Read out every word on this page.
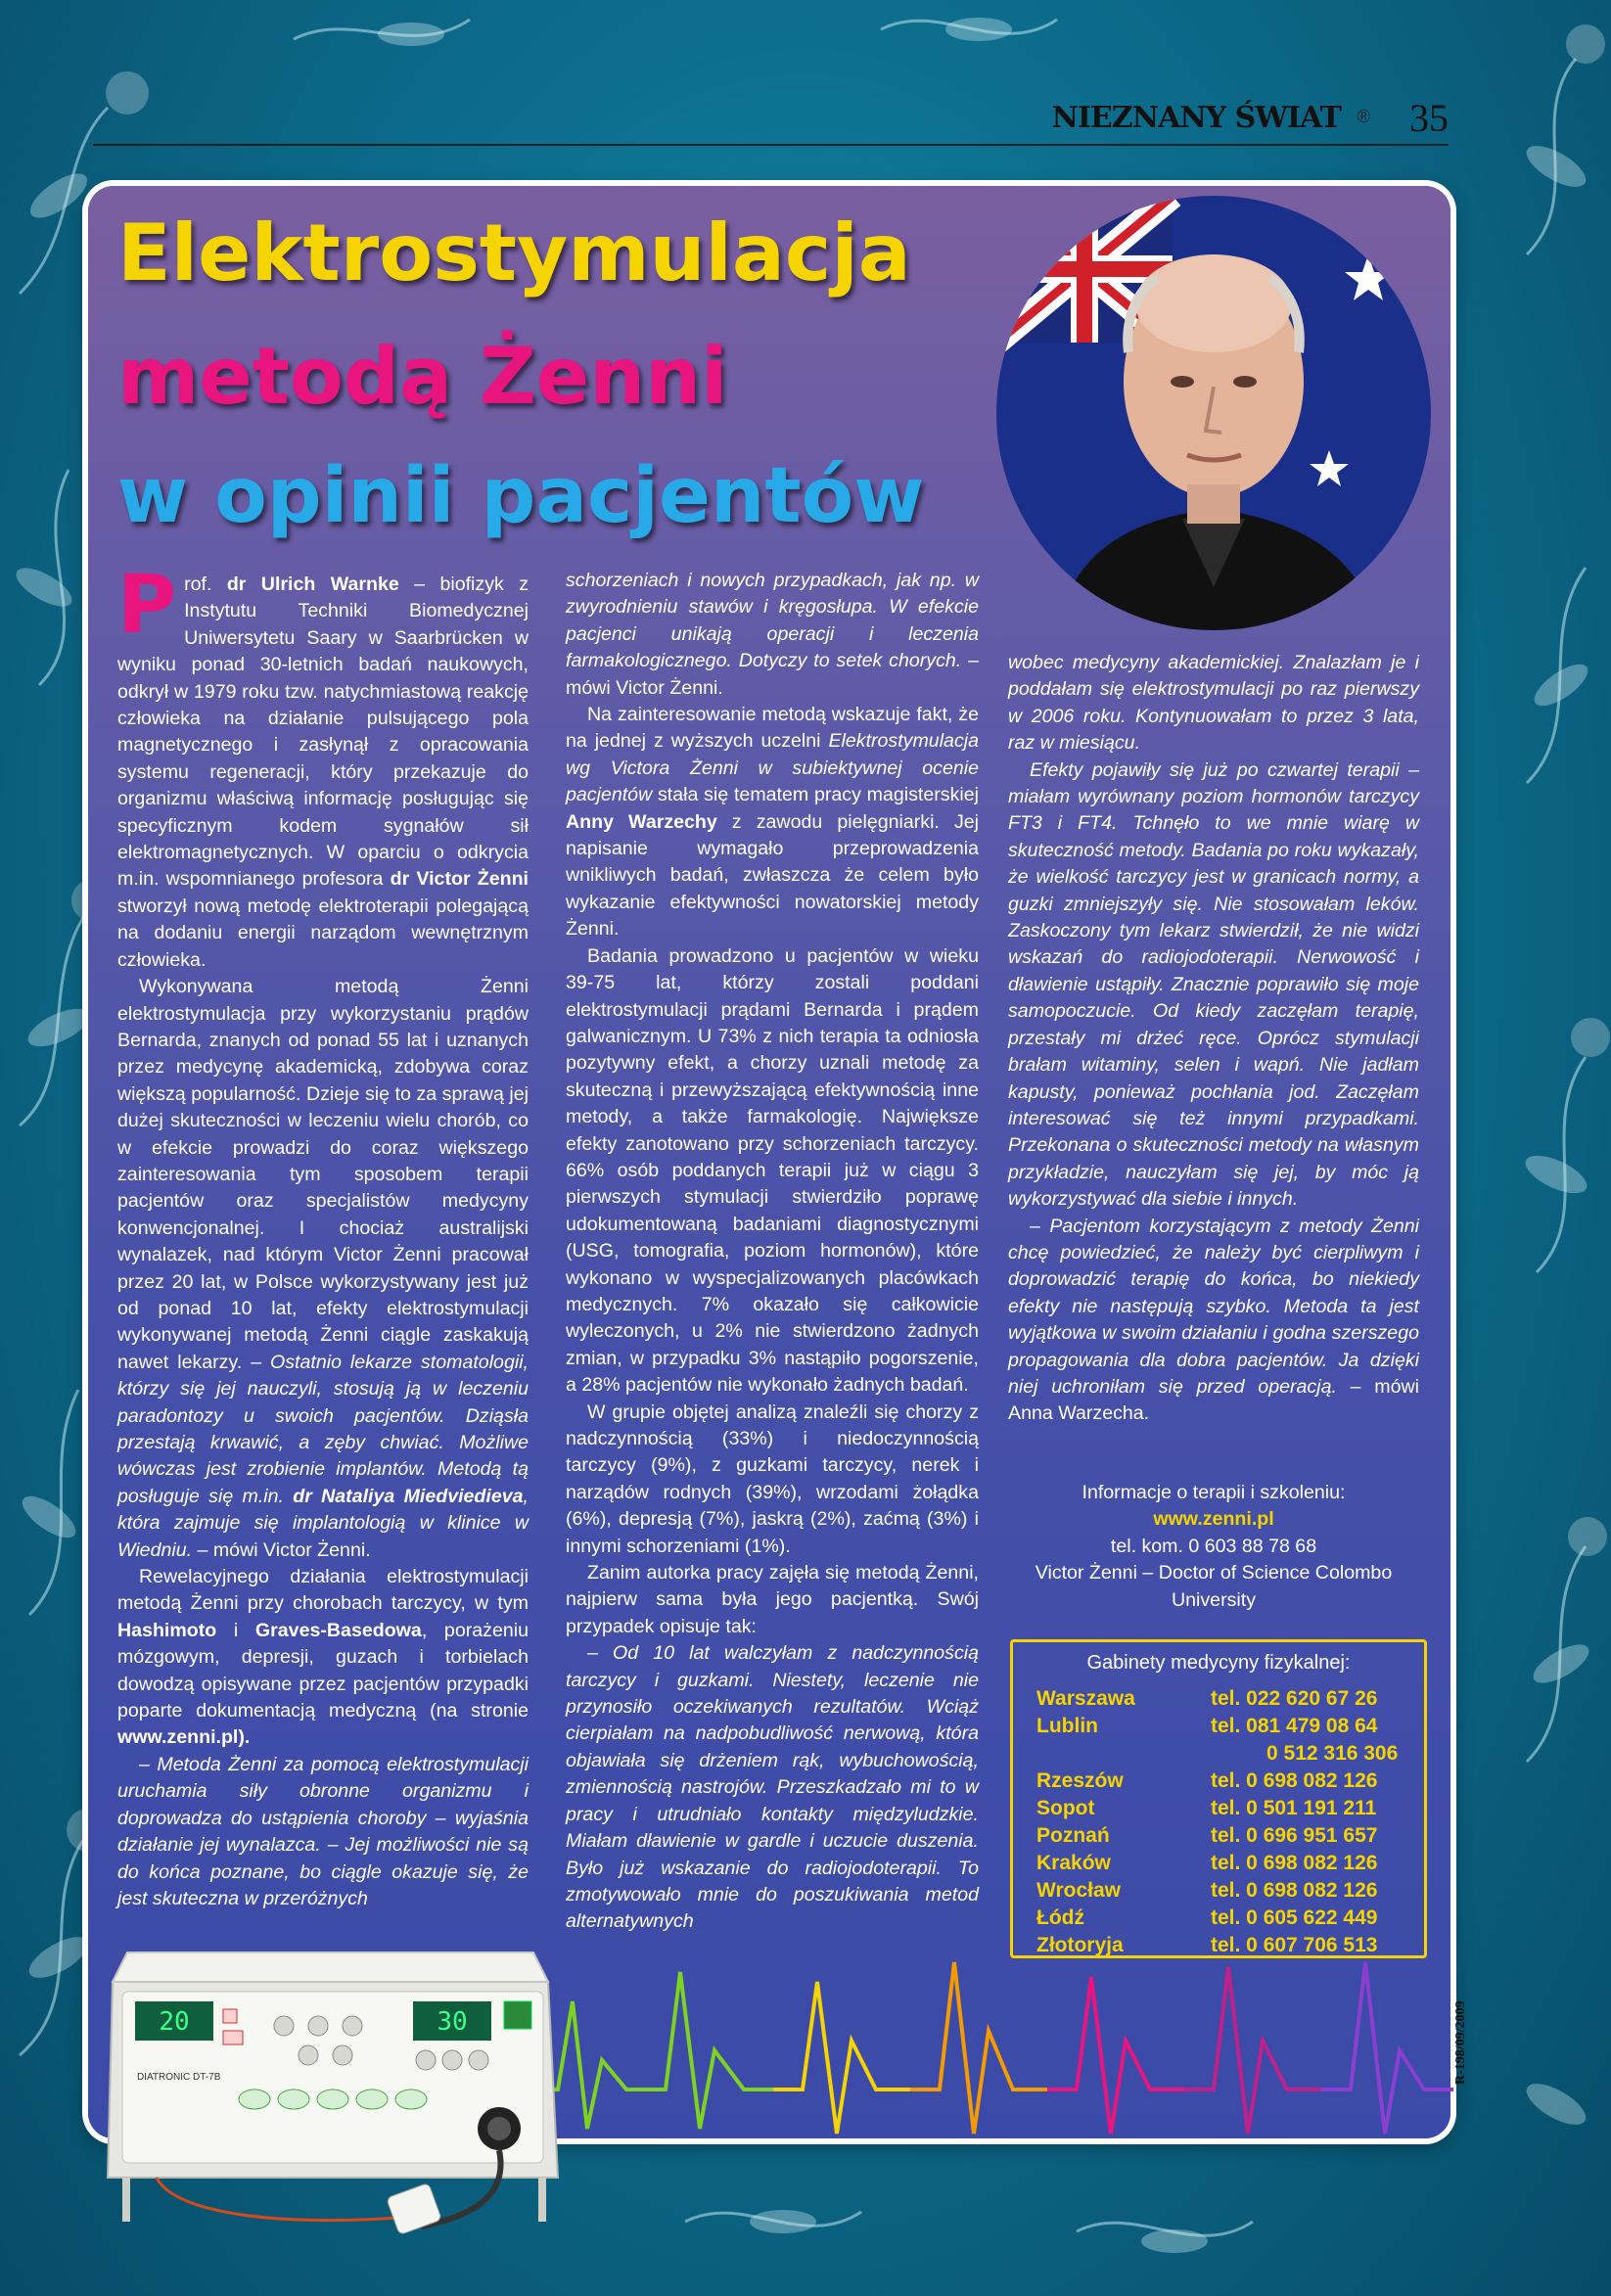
NIEZNANY ŚWIAT ® 35
Elektrostymulacja
metodą Żenni
w opinii pacjentów

Prof. dr Ulrich Warnke – biofizyk z Instytutu Techniki Biomedycznej Uniwersytetu Saary w Saarbrücken w wyniku ponad 30-letnich badań naukowych, odkrył w 1979 roku tzw. natychmiastową reakcję człowieka na działanie pulsującego pola magnetycznego i zasłynął z opracowania systemu regeneracji, który przekazuje do organizmu właściwą informację posługując się specyficznym kodem sygnałów sił elektromagnetycznych. W oparciu o odkrycia m.in. wspomnianego profesora dr Victor Żenni stworzył nową metodę elektroterapii polegającą na dodaniu energii narządom wewnętrznym człowieka.

Wykonywana metodą Żenni elektrostymulacja przy wykorzystaniu prądów Bernarda, znanych od ponad 55 lat i uznanych przez medycynę akademicką, zdobywa coraz większą popularność. Dzieje się to za sprawą jej dużej skuteczności w leczeniu wielu chorób, co w efekcie prowadzi do coraz większego zainteresowania tym sposobem terapii pacjentów oraz specjalistów medycyny konwencjonalnej. I chociaż australijski wynalazek, nad którym Victor Żenni pracował przez 20 lat, w Polsce wykorzystywany jest już od ponad 10 lat, efekty elektrostymulacji wykonywanej metodą Żenni ciągle zaskakują nawet lekarzy. – Ostatnio lekarze stomatologii, którzy się jej nauczyli, stosują ją w leczeniu paradontozy u swoich pacjentów. Dziąsła przestają krwawić, a zęby chwiać. Możliwe wówczas jest zrobienie implantów. Metodą tą posługuje się m.in. dr Nataliya Miedviedieva, która zajmuje się implantologią w klinice w Wiedniu. – mówi Victor Żenni.

Rewelacyjnego działania elektrostymulacji metodą Żenni przy chorobach tarczycy, w tym Hashimoto i Graves-Basedowa, porażeniu mózgowym, depresji, guzach i torbielach dowodzą opisywane przez pacjentów przypadki poparte dokumentacją medyczną (na stronie www.zenni.pl).

– Metoda Żenni za pomocą elektrostymulacji uruchamia siły obronne organizmu i doprowadza do ustąpienia choroby – wyjaśnia działanie jej wynalazca. – Jej możliwości nie są do końca poznane, bo ciągle okazuje się, że jest skuteczna w przeróżnych

schorzeniach i nowych przypadkach, jak np. w zwyrodnieniu stawów i kręgosłupa. W efekcie pacjenci unikają operacji i leczenia farmakologicznego. Dotyczy to setek chorych. – mówi Victor Żenni.

Na zainteresowanie metodą wskazuje fakt, że na jednej z wyższych uczelni Elektrostymulacja wg Victora Żenni w subiektywnej ocenie pacjentów stała się tematem pracy magisterskiej Anny Warzechy z zawodu pielęgniarki. Jej napisanie wymagało przeprowadzenia wnikliwych badań, zwłaszcza że celem było wykazanie efektywności nowatorskiej metody Żenni.

Badania prowadzono u pacjentów w wieku 39-75 lat, którzy zostali poddani elektrostymulacji prądami Bernarda i prądem galwanicznym. U 73% z nich terapia ta odniosła pozytywny efekt, a chorzy uznali metodę za skuteczną i przewyższającą efektywnością inne metody, a także farmakologię. Największe efekty zanotowano przy schorzeniach tarczycy. 66% osób poddanych terapii już w ciągu 3 pierwszych stymulacji stwierdziło poprawę udokumentowaną badaniami diagnostycznymi (USG, tomografia, poziom hormonów), które wykonano w wyspecjalizowanych placówkach medycznych. 7% okazało się całkowicie wyleczonych, u 2% nie stwierdzono żadnych zmian, w przypadku 3% nastąpiło pogorszenie, a 28% pacjentów nie wykonało żadnych badań.

W grupie objętej analizą znaleźli się chorzy z nadczynnością (33%) i niedoczynnością tarczycy (9%), z guzkami tarczycy, nerek i narządów rodnych (39%), wrzodami żołądka (6%), depresją (7%), jaskrą (2%), zaćmą (3%) i innymi schorzeniami (1%).

Zanim autorka pracy zajęła się metodą Żenni, najpierw sama była jego pacjentką. Swój przypadek opisuje tak:

– Od 10 lat walczyłam z nadczynnością tarczycy i guzkami. Niestety, leczenie nie przynosiło oczekiwanych rezultatów. Wciąż cierpiałam na nadpobudliwość nerwową, która objawiała się drżeniem rąk, wybuchowością, zmiennością nastrojów. Przeszkadzało mi to w pracy i utrudniało kontakty międzyludzkie. Miałam dławienie w gardle i uczucie duszenia. Było już wskazanie do radiojodoterapii. To zmotywowało mnie do poszukiwania metod alternatywnych

wobec medycyny akademickiej. Znalazłam je i poddałam się elektrostymulacji po raz pierwszy w 2006 roku. Kontynuowałam to przez 3 lata, raz w miesiącu.

Efekty pojawiły się już po czwartej terapii – miałam wyrównany poziom hormonów tarczycy FT3 i FT4. Tchnęło to we mnie wiarę w skuteczność metody. Badania po roku wykazały, że wielkość tarczycy jest w granicach normy, a guzki zmniejszyły się. Nie stosowałam leków. Zaskoczony tym lekarz stwierdził, że nie widzi wskazań do radiojodoterapii. Nerwowość i dławienie ustąpiły. Znacznie poprawiło się moje samopoczucie. Od kiedy zaczęłam terapię, przestały mi drżeć ręce. Oprócz stymulacji brałam witaminy, selen i wapń. Nie jadłam kapusty, ponieważ pochłania jod. Zaczęłam interesować się też innymi przypadkami. Przekonana o skuteczności metody na własnym przykładzie, nauczyłam się jej, by móc ją wykorzystywać dla siebie i innych.

– Pacjentom korzystającym z metody Żenni chcę powiedzieć, że należy być cierpliwym i doprowadzić terapię do końca, bo niekiedy efekty nie następują szybko. Metoda ta jest wyjątkowa w swoim działaniu i godna szerszego propagowania dla dobra pacjentów. Ja dzięki niej uchroniłam się przed operacją. – mówi Anna Warzecha.

Informacje o terapii i szkoleniu:
www.zenni.pl
tel. kom. 0 603 88 78 68
Victor Żenni – Doctor of Science Colombo
University
Gabinety medycyny fizykalnej:
Warszawa	tel. 022 620 67 26
Lublin	tel. 081 479 08 64
0 512 316 306
Rzeszów	tel. 0 698 082 126
Sopot	tel. 0 501 191 211
Poznań	tel. 0 696 951 657
Kraków	tel. 0 698 082 126
Wrocław	tel. 0 698 082 126
Łódź	tel. 0 605 622 449
Złotoryja	tel. 0 607 706 513
20	30
DIATRONIC DT-7B	R-198/09/2009
